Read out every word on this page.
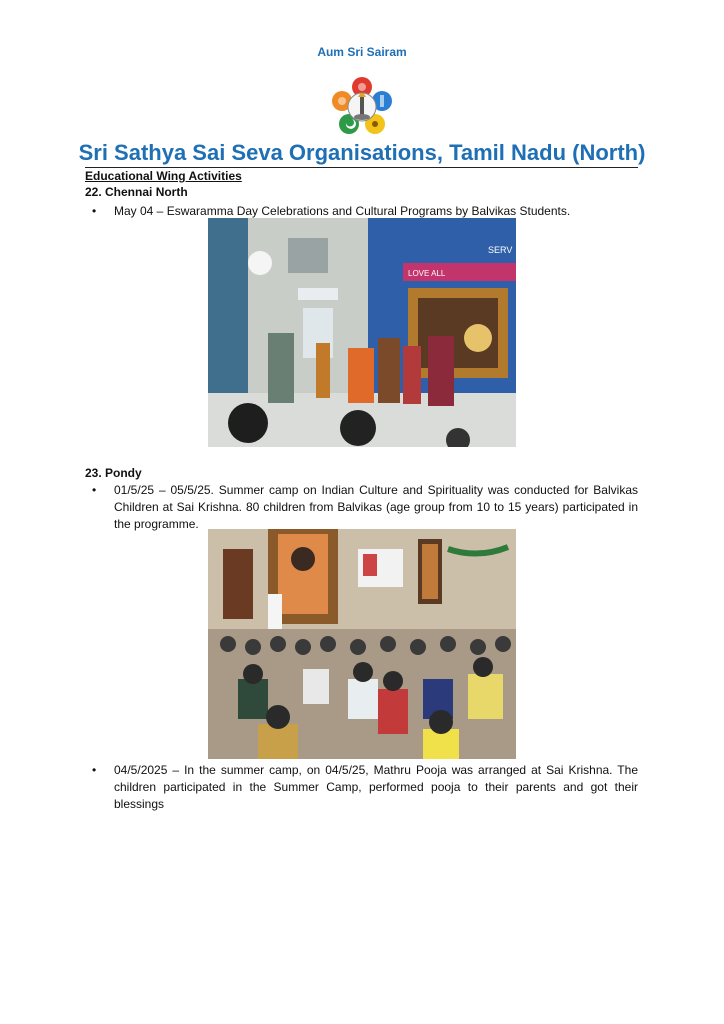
Aum Sri Sairam
Sri Sathya Sai Seva Organisations, Tamil Nadu (North)
Educational Wing Activities
22. Chennai North
• May 04 – Eswaramma Day Celebrations and Cultural Programs by Balvikas Students.
LOVE ALL
SERV
23. Pondy
• 01/5/25 – 05/5/25. Summer camp on Indian Culture and Spirituality was conducted for Balvikas Children at Sai Krishna. 80 children from Balvikas (age group from 10 to 15 years) participated in the programme.
• 04/5/2025 – In the summer camp, on 04/5/25, Mathru Pooja was arranged at Sai Krishna. The children participated in the Summer Camp, performed pooja to their parents and got their blessings
